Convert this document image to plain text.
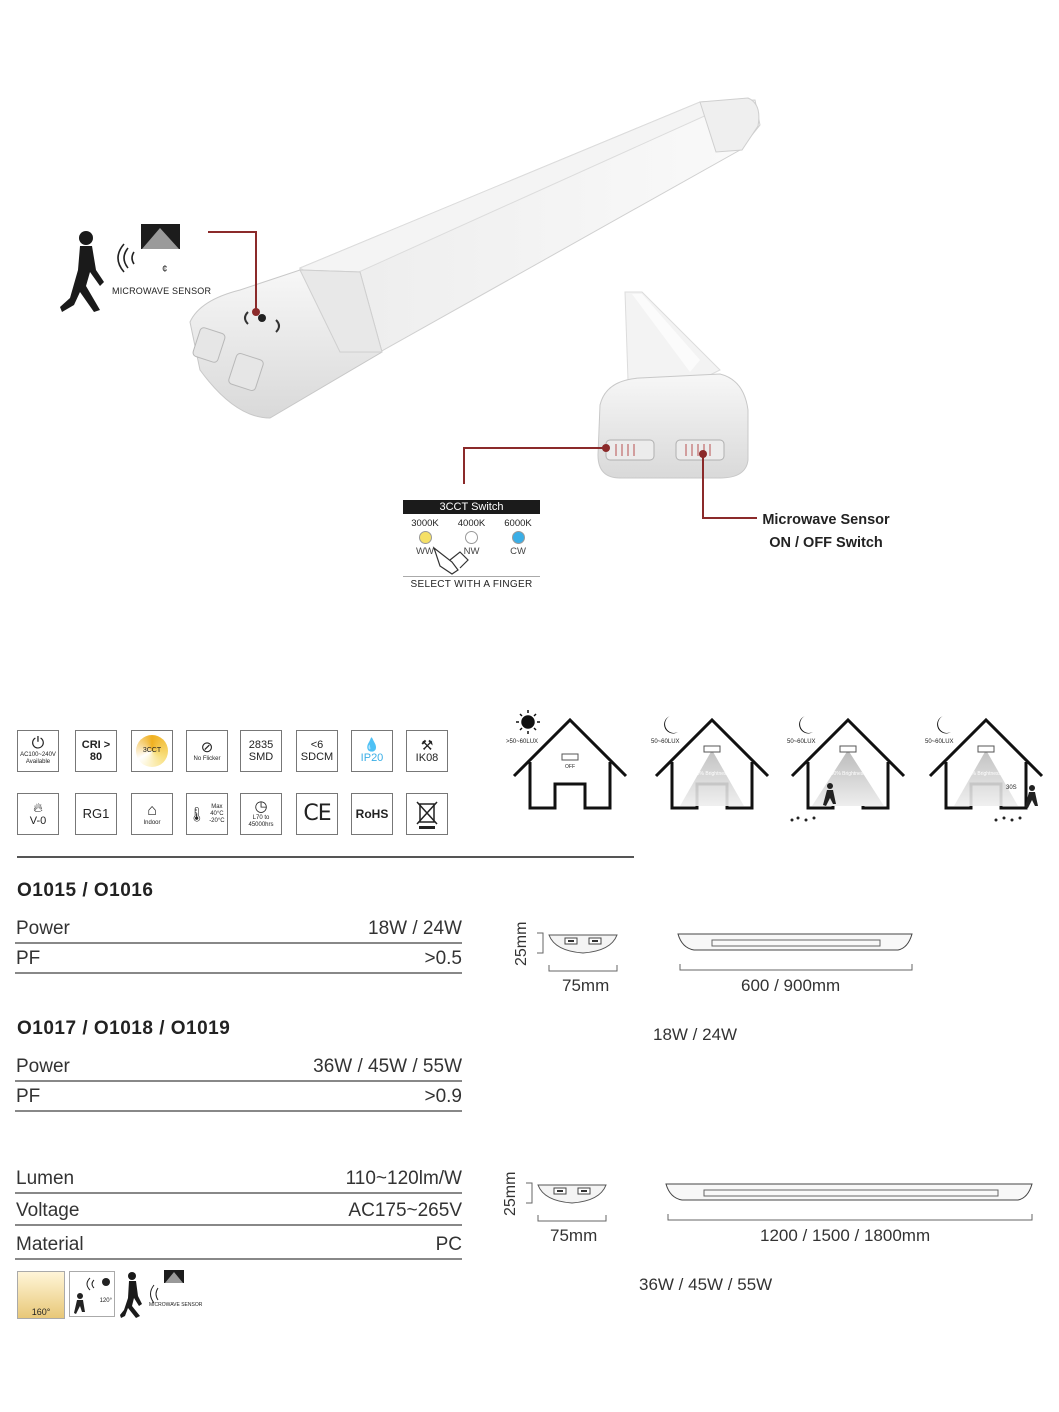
¢
MICROWAVE SENSOR
3CCT Switch
3000K
WW
4000K
NW
6000K
CW
SELECT WITH A FINGER
Microwave Sensor
ON / OFF Switch
⏻
AC100~240V Available
CRI > 80
3CCT	⊘
No Flicker
2835 SMD
<6 SDCM
💧
IP20
⚒
IK08
🔥︎
V-0	RG1 ⌂
Indoor
🌡︎ Max 40°C -20°C
◷
L70 to 45000hrs	CE RoHS
>50~60LUX
OFF
50~60LUX
20% Brightness
50~60LUX
100% Brightness
50~60LUX
20% Brightness
30S
O1015 / O1016
Power	18W / 24W
PF	>0.5
O1017 / O1018 / O1019
Power	36W / 45W / 55W
PF	>0.9
Lumen	110~120lm/W
Voltage	AC175~265V
Material	PC
160°
120°
MICROWAVE SENSOR
25mm
75mm	600 / 900mm
18W / 24W
25mm
75mm	1200 / 1500 / 1800mm
36W / 45W / 55W
